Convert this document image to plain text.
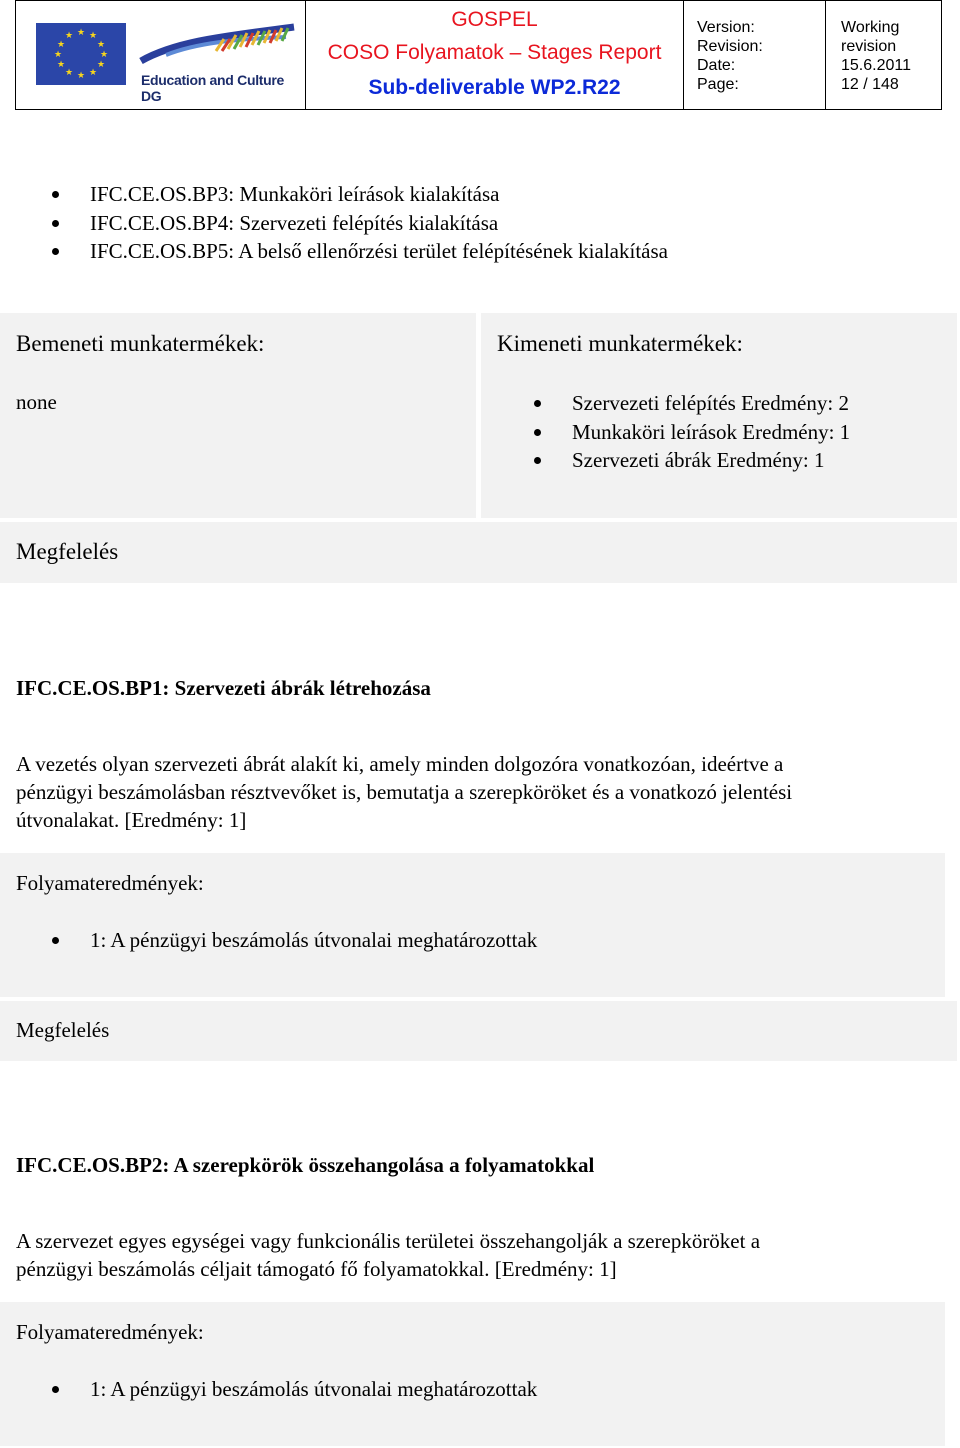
★ ★
★
★
★
★
★
★
★
★
★
★
Education and Culture DG
GOSPEL
COSO Folyamatok – Stages Report
Sub-deliverable WP2.R22
Version:
Revision:
Date:
Page:
Working
revision
15.6.2011
12 / 148
IFC.CE.OS.BP3: Munkaköri leírások kialakítása
IFC.CE.OS.BP4: Szervezeti felépítés kialakítása
IFC.CE.OS.BP5: A belső ellenőrzési terület felépítésének kialakítása
Bemeneti munkatermékek:
none
Kimeneti munkatermékek:
Szervezeti felépítés Eredmény: 2
Munkaköri leírások Eredmény: 1
Szervezeti ábrák Eredmény: 1
Megfelelés
IFC.CE.OS.BP1: Szervezeti ábrák létrehozása
A vezetés olyan szervezeti ábrát alakít ki, amely minden dolgozóra vonatkozóan, ideértve a
pénzügyi beszámolásban résztvevőket is, bemutatja a szerepköröket és a vonatkozó jelentési
útvonalakat. [Eredmény: 1]
Folyamateredmények:
1: A pénzügyi beszámolás útvonalai meghatározottak
Megfelelés
IFC.CE.OS.BP2: A szerepkörök összehangolása a folyamatokkal
A szervezet egyes egységei vagy funkcionális területei összehangolják a szerepköröket a
pénzügyi beszámolás céljait támogató fő folyamatokkal. [Eredmény: 1]
Folyamateredmények:
1: A pénzügyi beszámolás útvonalai meghatározottak
